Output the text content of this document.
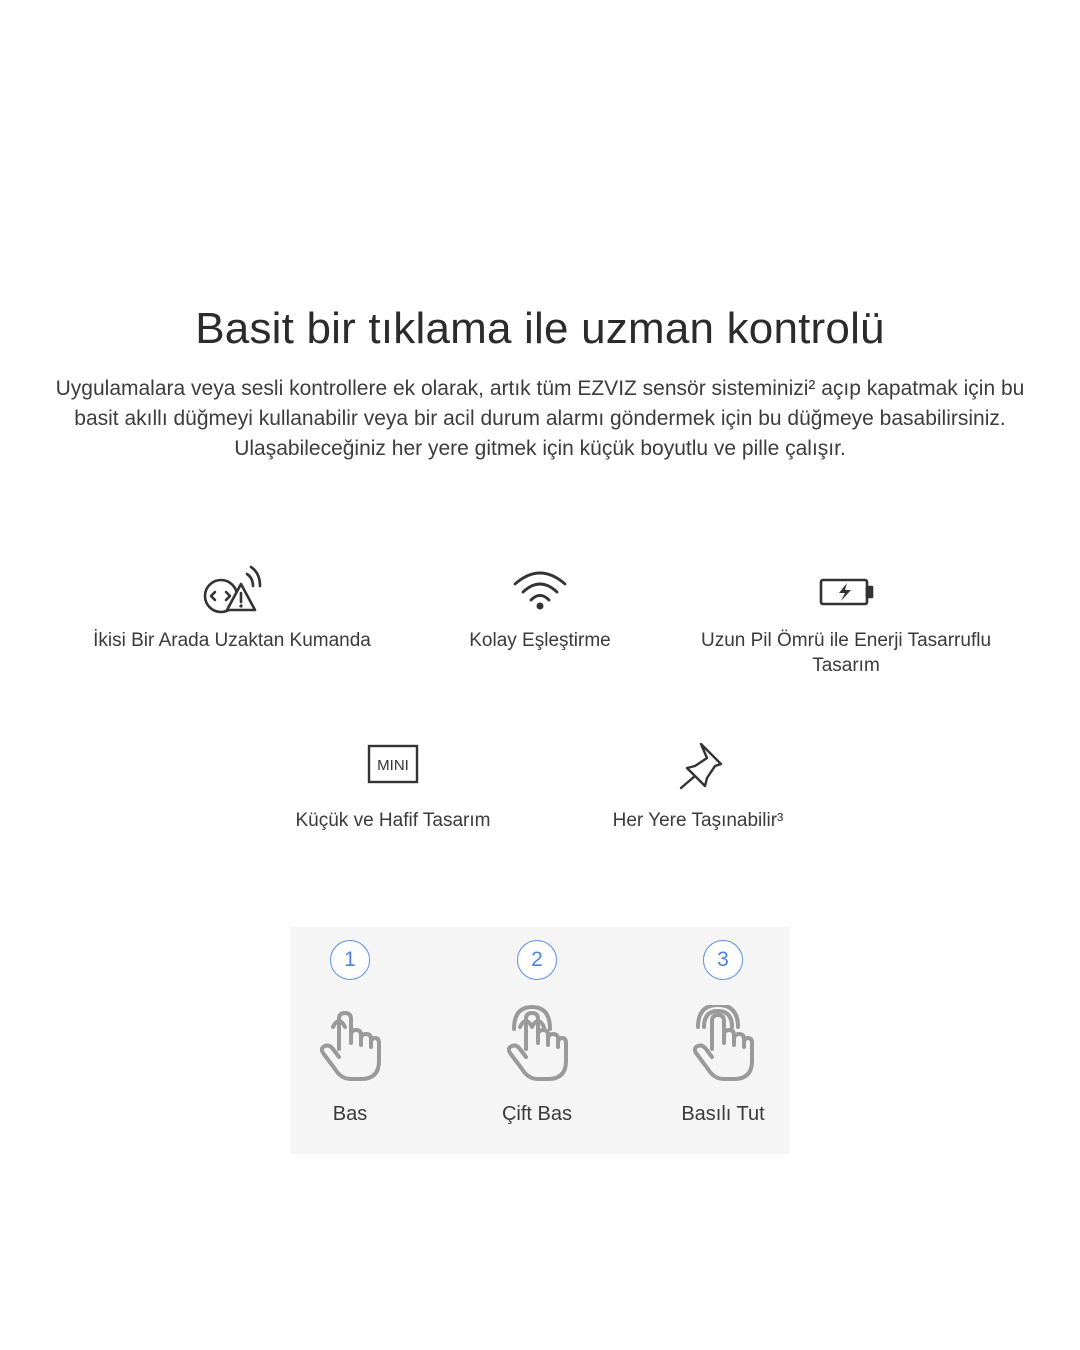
Basit bir tıklama ile uzman kontrolü

Uygulamalara veya sesli kontrollere ek olarak, artık tüm EZVIZ sensör sisteminizi² açıp kapatmak için bu basit akıllı düğmeyi kullanabilir veya bir acil durum alarmı göndermek için bu düğmeye basabilirsiniz. Ulaşabileceğiniz her yere gitmek için küçük boyutlu ve pille çalışır.

İkisi Bir Arada Uzaktan Kumanda	Kolay Eşleştirme	Uzun Pil Ömrü ile Enerji Tasarruflu Tasarım
MINI
Küçük ve Hafif Tasarım	Her Yere Taşınabilir³
1
Bas
2
Çift Bas
3
Basılı Tut
